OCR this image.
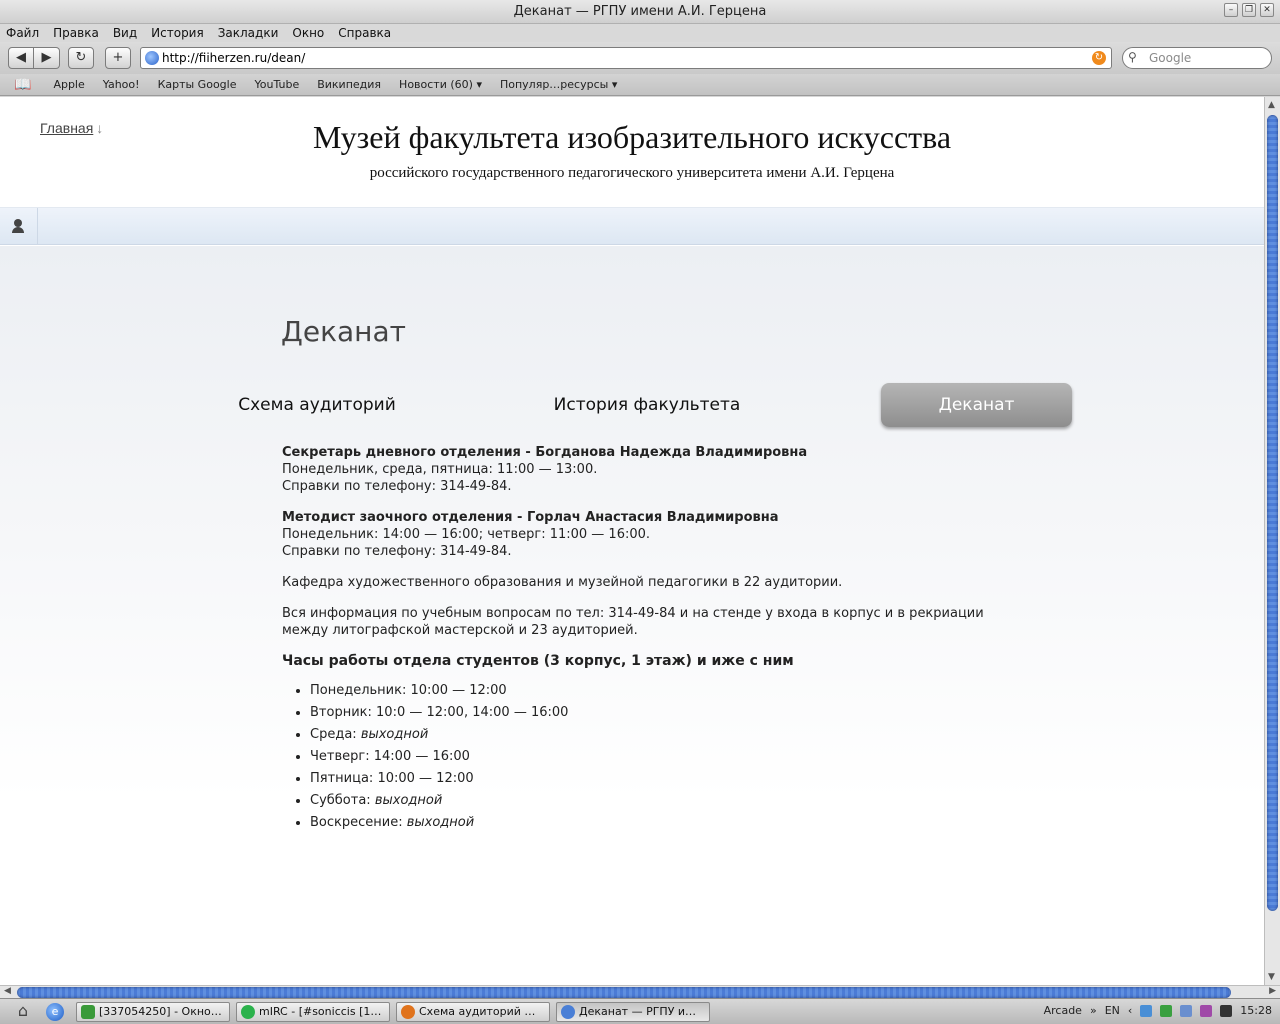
Деканат — РГПУ имени А.И. Герцена	–	❐	✕
Файл Правка Вид История Закладки Окно Справка
◀	▶	↻	+	http://fiiherzen.ru/dean/	↻ ⚲ Google
📖 Apple Yahoo! Карты Google YouTube Википедия Новости (60) ▾ Популяр…ресурсы ▾
Главная ↓	Музей факультета изобразительного искусства
российского государственного педагогического университета имени А.И. Герцена
Деканат
Схема аудиторий	История факультета	Деканат

Секретарь дневного отделения - Богданова Надежда Владимировна
Понедельник, среда, пятница: 11:00 — 13:00.
Справки по телефону: 314-49-84.

Методист заочного отделения - Горлач Анастасия Владимировна
Понедельник: 14:00 — 16:00; четверг: 11:00 — 16:00.
Справки по телефону: 314-49-84.

Кафедра художественного образования и музейной педагогики в 22 аудитории.

Вся информация по учебным вопросам по тел: 314-49-84 и на стенде у входа в корпус и в рекриации между литографской мастерской и 23 аудиторией.

Часы работы отдела студентов (3 корпус, 1 этаж) и иже с ним
• Понедельник: 10:00 — 12:00
• Вторник: 10:0 — 12:00, 14:00 — 16:00
• Среда: выходной
• Четверг: 14:00 — 16:00
• Пятница: 10:00 — 12:00
• Суббота: выходной
• Воскресение: выходной
▲
▼
◀	▶
⌂	e	[337054250] - Окно…	mIRC - [#soniccis [1…	Схема аудиторий …	Деканат — РГПУ и…	Arcade » EN ‹	15:28
